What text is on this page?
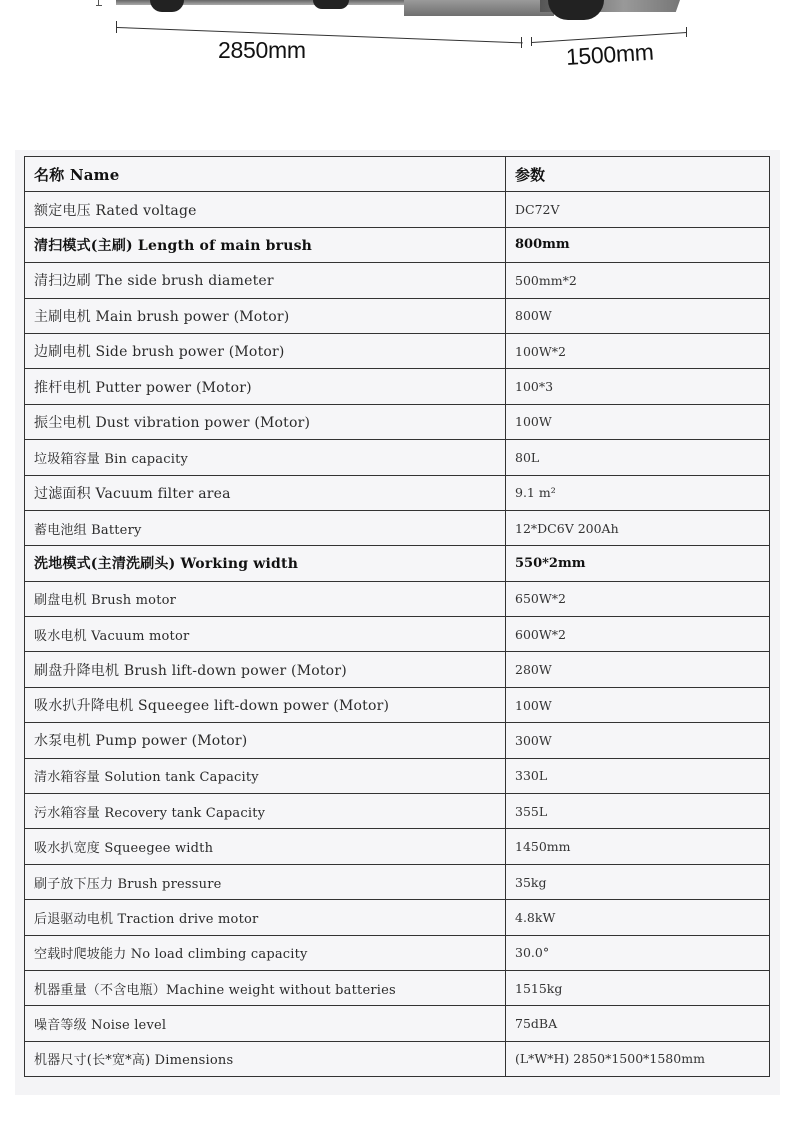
2850mm	1500mm
名称 Name	参数
额定电压 Rated voltage	DC72V
清扫模式(主刷) Length of main brush	800mm
清扫边刷 The side brush diameter	500mm*2
主刷电机 Main brush power (Motor)	800W
边刷电机 Side brush power (Motor)	100W*2
推杆电机 Putter power (Motor)	100*3
振尘电机 Dust vibration power (Motor)	100W
垃圾箱容量 Bin capacity	80L
过滤面积 Vacuum filter area	9.1 m²
蓄电池组 Battery	12*DC6V 200Ah
洗地模式(主清洗刷头) Working width	550*2mm
刷盘电机 Brush motor	650W*2
吸水电机 Vacuum motor	600W*2
刷盘升降电机 Brush lift-down power (Motor)	280W
吸水扒升降电机 Squeegee lift-down power (Motor)	100W
水泵电机 Pump power (Motor)	300W
清水箱容量 Solution tank Capacity	330L
污水箱容量 Recovery tank Capacity	355L
吸水扒宽度 Squeegee width	1450mm
刷子放下压力 Brush pressure	35kg
后退驱动电机 Traction drive motor	4.8kW
空载时爬坡能力 No load climbing capacity	30.0°
机器重量（不含电瓶）Machine weight without batteries	1515kg
噪音等级 Noise level	75dBA
机器尺寸(长*宽*高) Dimensions	(L*W*H) 2850*1500*1580mm
